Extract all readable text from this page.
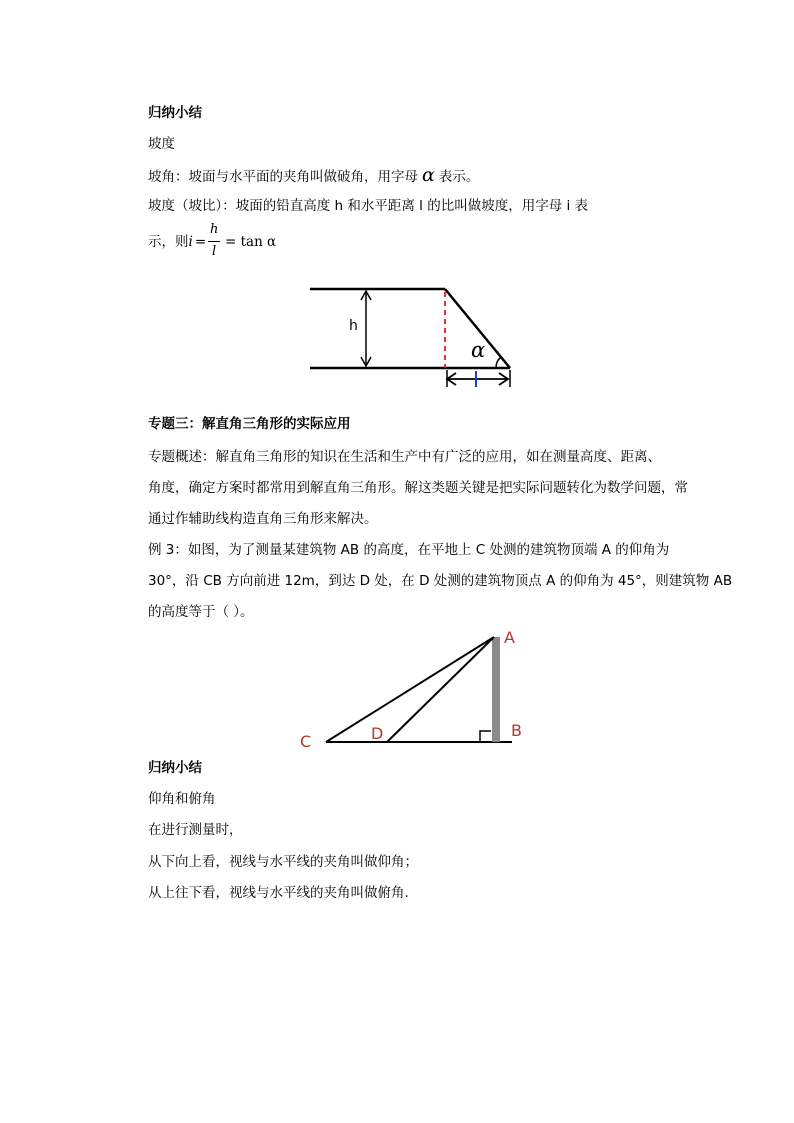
归纳小结
坡度
坡角：坡面与水平面的夹角叫做破角，用字母 α 表示。
坡度（坡比）：坡面的铅直高度 h 和水平距离 l 的比叫做坡度，用字母 i 表
示，则i =
h
l
= tan α
h
α
专题三：解直角三角形的实际应用
专题概述：解直角三角形的知识在生活和生产中有广泛的应用，如在测量高度、距离、
角度，确定方案时都常用到解直角三角形。解这类题关键是把实际问题转化为数学问题，常
通过作辅助线构造直角三角形来解决。
例 3：如图，为了测量某建筑物 AB 的高度，在平地上 C 处测的建筑物顶端 A 的仰角为
30°，沿 CB 方向前进 12m，到达 D 处，在 D 处测的建筑物顶点 A 的仰角为 45°，则建筑物 AB
的高度等于（ ）。
A
B
C	D
归纳小结
仰角和俯角
在进行测量时，
从下向上看，视线与水平线的夹角叫做仰角；
从上往下看，视线与水平线的夹角叫做俯角.
